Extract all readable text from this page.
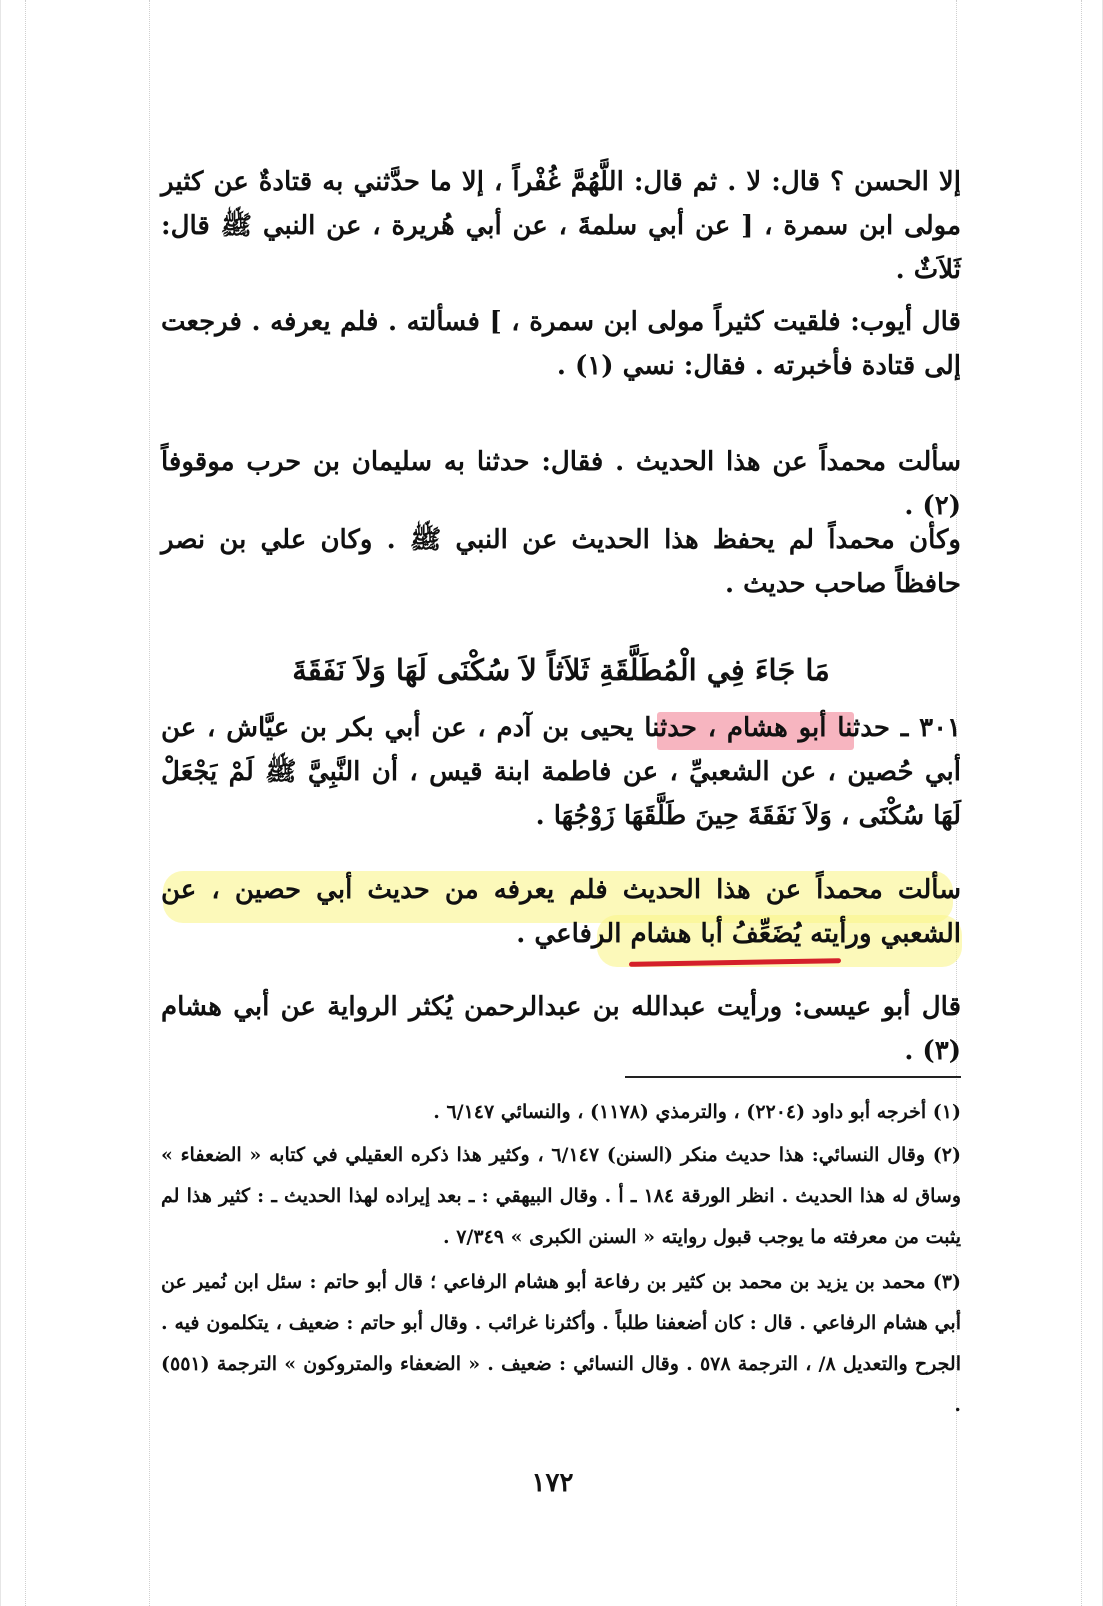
إلا الحسن ؟ قال: لا . ثم قال: اللَّهُمَّ غُفْراً ، إلا ما حدَّثني به قتادةٌ عن كثير مولى ابن سمرة ، [ عن أبي سلمةَ ، عن أبي هُريرة ، عن النبي ﷺ قال: ثَلاَثٌ .
قال أيوب: فلقيت كثيراً مولى ابن سمرة ، ] فسألته . فلم يعرفه . فرجعت إلى قتادة فأخبرته . فقال: نسي (١) .
سألت محمداً عن هذا الحديث . فقال: حدثنا به سليمان بن حرب موقوفاً (٢) .
وكأن محمداً لم يحفظ هذا الحديث عن النبي ﷺ . وكان علي بن نصر حافظاً صاحب حديث .
مَا جَاءَ فِي الْمُطَلَّقَةِ ثَلاَثاً لاَ سُكْنَى لَهَا وَلاَ نَفَقَةَ
٣٠١ ـ حدثنا أبو هشام ، حدثنا يحيى بن آدم ، عن أبي بكر بن عيَّاش ، عن أبي حُصين ، عن الشعبيِّ ، عن فاطمة ابنة قيس ، أن النَّبِيَّ ﷺ لَمْ يَجْعَلْ لَهَا سُكْنَى ، وَلاَ نَفَقَةَ حِينَ طَلَّقَهَا زَوْجُهَا .
سألت محمداً عن هذا الحديث فلم يعرفه من حديث أبي حصين ، عن الشعبي ورأيته يُضَعِّفُ أبا هشام الرفاعي .
قال أبو عيسى: ورأيت عبدالله بن عبدالرحمن يُكثر الرواية عن أبي هشام (٣) .
(١) أخرجه أبو داود (٢٢٠٤) ، والترمذي (١١٧٨) ، والنسائي ٦/١٤٧ .
(٢) وقال النسائي: هذا حديث منكر (السنن) ٦/١٤٧ ، وكثير هذا ذكره العقيلي في كتابه « الضعفاء » وساق له هذا الحديث . انظر الورقة ١٨٤ ـ أ . وقال البيهقي : ـ بعد إيراده لهذا الحديث ـ : كثير هذا لم يثبت من معرفته ما يوجب قبول روايته « السنن الكبرى » ٧/٣٤٩ .
(٣) محمد بن يزيد بن محمد بن كثير بن رفاعة أبو هشام الرفاعي ؛ قال أبو حاتم : سئل ابن نُمير عن أبي هشام الرفاعي . قال : كان أضعفنا طلباً . وأكثرنا غرائب . وقال أبو حاتم : ضعيف ، يتكلمون فيه . الجرح والتعديل ٨/ ، الترجمة ٥٧٨ . وقال النسائي : ضعيف . « الضعفاء والمتروكون » الترجمة (٥٥١) .
١٧٢
